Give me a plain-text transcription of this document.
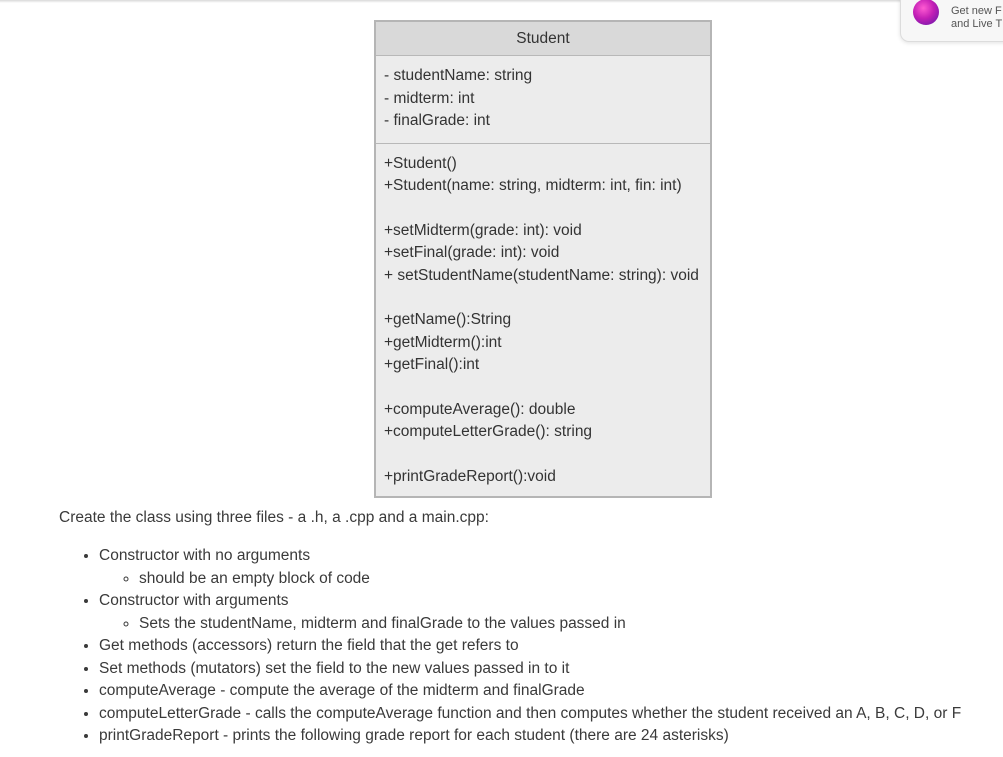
Student
- studentName: string
- midterm: int
- finalGrade: int
+Student()
+Student(name: string, midterm: int, fin: int)
+setMidterm(grade: int): void
+setFinal(grade: int): void
+ setStudentName(studentName: string): void
+getName():String
+getMidterm():int
+getFinal():int
+computeAverage(): double
+computeLetterGrade(): string
+printGradeReport():void
Create the class using three files - a .h, a .cpp and a main.cpp:
• Constructor with no arguments
◦ should be an empty block of code
• Constructor with arguments
◦ Sets the studentName, midterm and finalGrade to the values passed in
• Get methods (accessors) return the field that the get refers to
• Set methods (mutators) set the field to the new values passed in to it
• computeAverage - compute the average of the midterm and finalGrade
• computeLetterGrade - calls the computeAverage function and then computes whether the student received an A, B, C, D, or F
• printGradeReport - prints the following grade report for each student (there are 24 asterisks)
Get new F
and Live T
